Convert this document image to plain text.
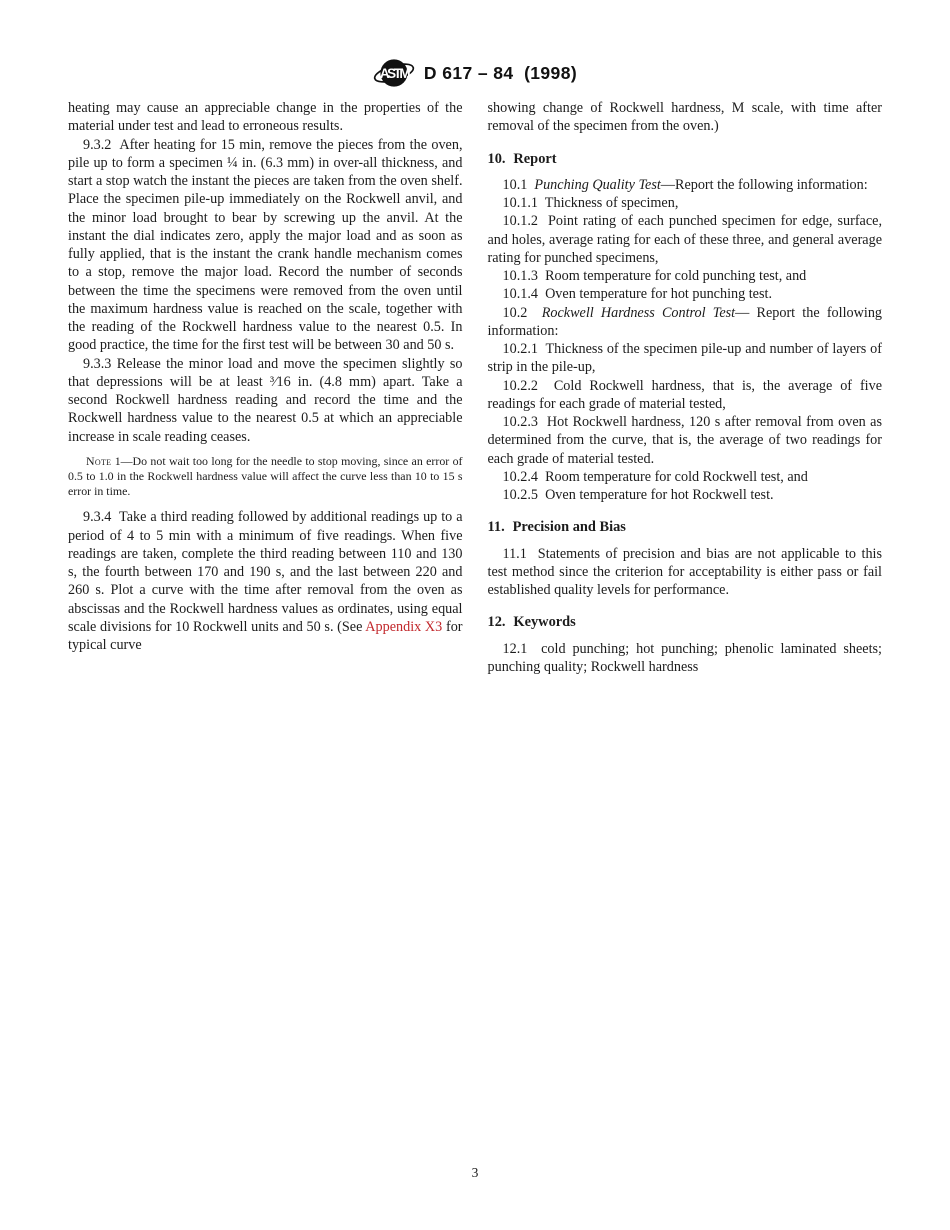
ASTM D 617 – 84  (1998)

heating may cause an appreciable change in the properties of the material under test and lead to erroneous results.

9.3.2  After heating for 15 min, remove the pieces from the oven, pile up to form a specimen ¼ in. (6.3 mm) in over-all thickness, and start a stop watch the instant the pieces are taken from the oven shelf. Place the specimen pile-up immediately on the Rockwell anvil, and the minor load brought to bear by screwing up the anvil. At the instant the dial indicates zero, apply the major load and as soon as fully applied, that is the instant the crank handle mechanism comes to a stop, remove the major load. Record the number of seconds between the time the specimens were removed from the oven until the maximum hardness value is reached on the scale, together with the reading of the Rockwell hardness value to the nearest 0.5. In good practice, the time for the first test will be between 30 and 50 s.

9.3.3 Release the minor load and move the specimen slightly so that depressions will be at least ³⁄16 in. (4.8 mm) apart. Take a second Rockwell hardness reading and record the time and the Rockwell hardness value to the nearest 0.5 at which an appreciable increase in scale reading ceases.

Note 1—Do not wait too long for the needle to stop moving, since an error of 0.5 to 1.0 in the Rockwell hardness value will affect the curve less than 10 to 15 s error in time.

9.3.4  Take a third reading followed by additional readings up to a period of 4 to 5 min with a minimum of five readings. When five readings are taken, complete the third reading between 110 and 130 s, the fourth between 170 and 190 s, and the last between 220 and 260 s. Plot a curve with the time after removal from the oven as abscissas and the Rockwell hardness values as ordinates, using equal scale divisions for 10 Rockwell units and 50 s. (See Appendix X3 for typical curve

showing change of Rockwell hardness, M scale, with time after removal of the specimen from the oven.)

10. Report

10.1  Punching Quality Test—Report the following information:

10.1.1  Thickness of specimen,

10.1.2  Point rating of each punched specimen for edge, surface, and holes, average rating for each of these three, and general average rating for punched specimens,

10.1.3  Room temperature for cold punching test, and

10.1.4  Oven temperature for hot punching test.

10.2  Rockwell Hardness Control Test— Report the following information:

10.2.1  Thickness of the specimen pile-up and number of layers of strip in the pile-up,

10.2.2  Cold Rockwell hardness, that is, the average of five readings for each grade of material tested,

10.2.3  Hot Rockwell hardness, 120 s after removal from oven as determined from the curve, that is, the average of two readings for each grade of material tested.

10.2.4  Room temperature for cold Rockwell test, and

10.2.5  Oven temperature for hot Rockwell test.

11. Precision and Bias

11.1  Statements of precision and bias are not applicable to this test method since the criterion for acceptability is either pass or fail established quality levels for performance.

12. Keywords

12.1  cold punching; hot punching; phenolic laminated sheets; punching quality; Rockwell hardness

3
